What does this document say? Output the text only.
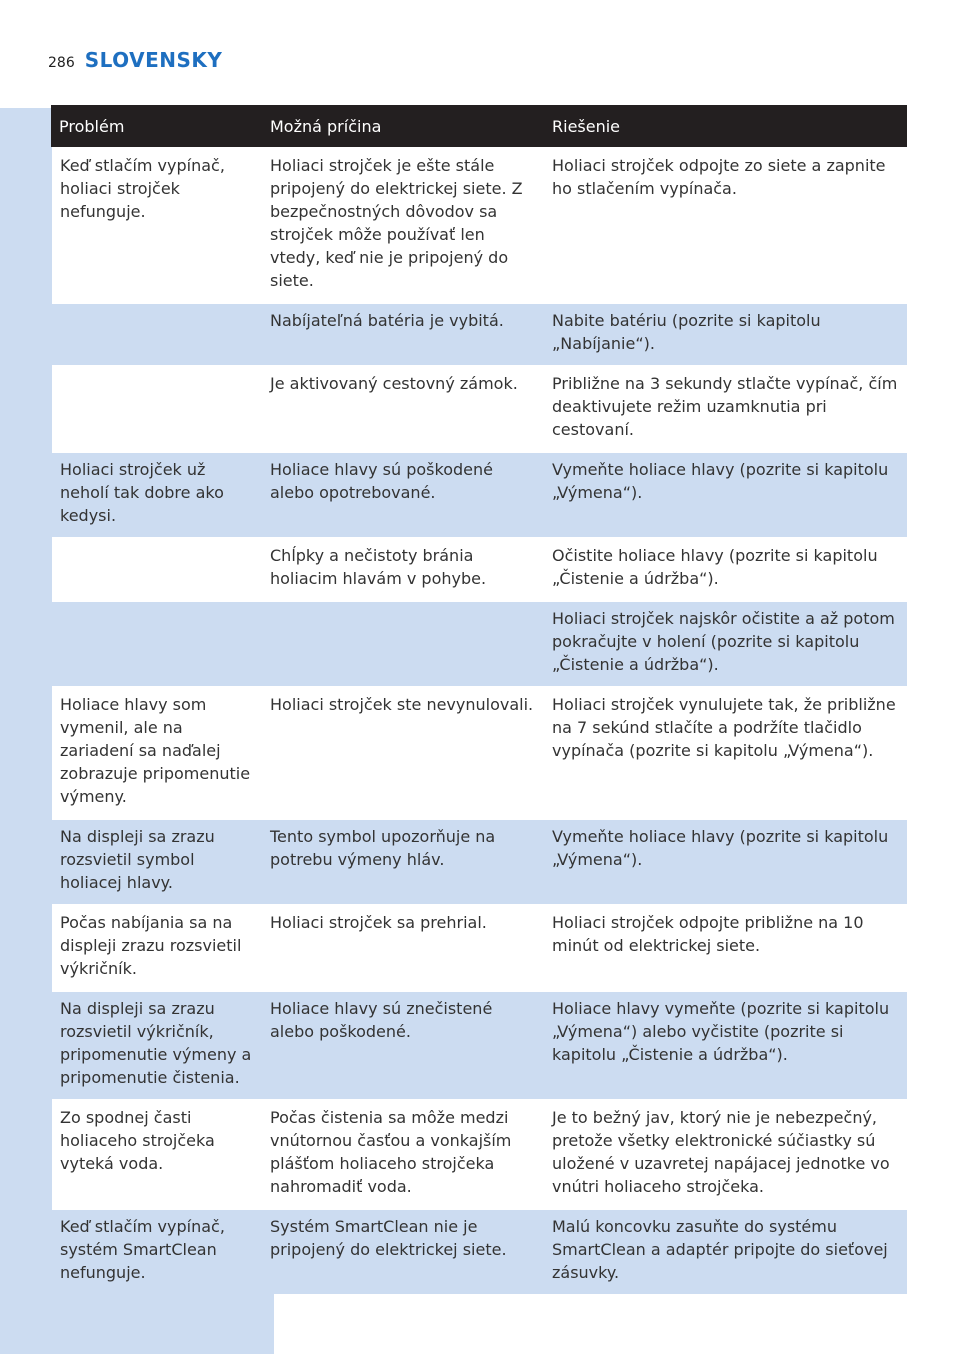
286 SLOVENSKY
Problém	Možná príčina	Riešenie
Keď stlačím vypínač, holiaci strojček nefunguje.	Holiaci strojček je ešte stále pripojený do elektrickej siete. Z bezpečnostných dôvodov sa strojček môže používať len vtedy, keď nie je pripojený do siete.	Holiaci strojček odpojte zo siete a zapnite ho stlačením vypínača.
	Nabíjateľná batéria je vybitá.	Nabite batériu (pozrite si kapitolu „Nabíjanie“).
	Je aktivovaný cestovný zámok.	Približne na 3 sekundy stlačte vypínač, čím deaktivujete režim uzamknutia pri cestovaní.
Holiaci strojček už neholí tak dobre ako kedysi.	Holiace hlavy sú poškodené alebo opotrebované.	Vymeňte holiace hlavy (pozrite si kapitolu „Výmena“).
	Chĺpky a nečistoty bránia holiacim hlavám v pohybe.	Očistite holiace hlavy (pozrite si kapitolu „Čistenie a údržba“).
		Holiaci strojček najskôr očistite a až potom pokračujte v holení (pozrite si kapitolu „Čistenie a údržba“).
Holiace hlavy som vymenil, ale na zariadení sa naďalej zobrazuje pripomenutie výmeny.	Holiaci strojček ste nevynulovali.	Holiaci strojček vynulujete tak, že približne na 7 sekúnd stlačíte a podržíte tlačidlo vypínača (pozrite si kapitolu „Výmena“).
Na displeji sa zrazu rozsvietil symbol holiacej hlavy.	Tento symbol upozorňuje na potrebu výmeny hláv.	Vymeňte holiace hlavy (pozrite si kapitolu „Výmena“).
Počas nabíjania sa na displeji zrazu rozsvietil výkričník.	Holiaci strojček sa prehrial.	Holiaci strojček odpojte približne na 10 minút od elektrickej siete.
Na displeji sa zrazu rozsvietil výkričník, pripomenutie výmeny a pripomenutie čistenia.	Holiace hlavy sú znečistené alebo poškodené.	Holiace hlavy vymeňte (pozrite si kapitolu „Výmena“) alebo vyčistite (pozrite si kapitolu „Čistenie a údržba“).
Zo spodnej časti holiaceho strojčeka vyteká voda.	Počas čistenia sa môže medzi vnútornou časťou a vonkajším plášťom holiaceho strojčeka nahromadiť voda.	Je to bežný jav, ktorý nie je nebezpečný, pretože všetky elektronické súčiastky sú uložené v uzavretej napájacej jednotke vo vnútri holiaceho strojčeka.
Keď stlačím vypínač, systém SmartClean nefunguje.	Systém SmartClean nie je pripojený do elektrickej siete.	Malú koncovku zasuňte do systému SmartClean a adaptér pripojte do sieťovej zásuvky.
